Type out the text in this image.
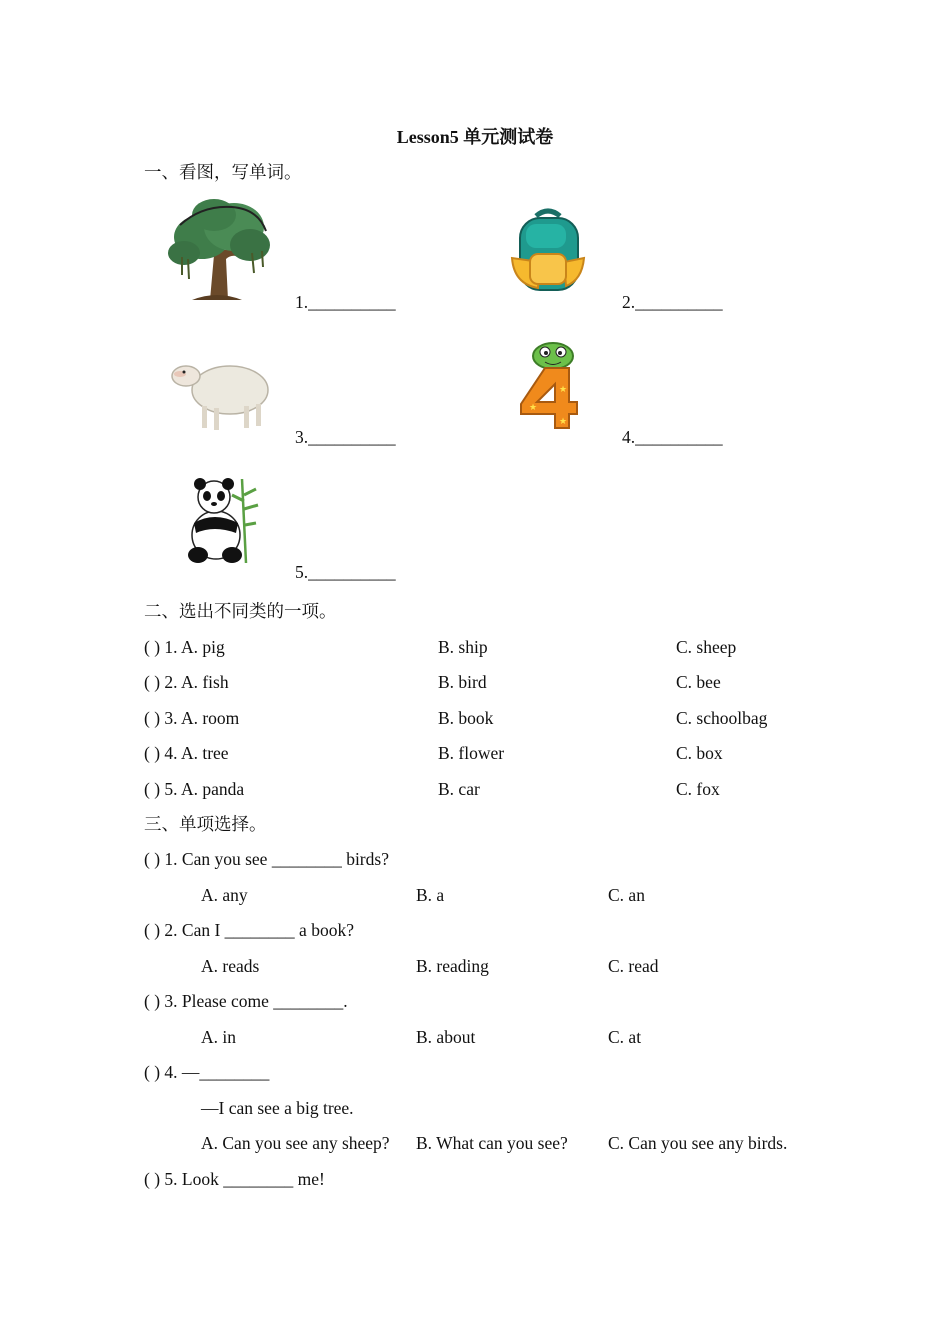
Lesson5 单元测试卷
一、看图，写单词。
1.__________	2.__________
3.__________
★
★
★
4.__________
5.__________
二、选出不同类的一项。
( ) 1. A. pig	B. ship	C. sheep
( ) 2. A. fish	B. bird	C. bee
( ) 3. A. room	B. book	C. schoolbag
( ) 4. A. tree	B. flower	C. box
( ) 5. A. panda	B. car	C. fox
三、单项选择。
( ) 1. Can you see ________ birds?
A. any	B. a	C. an
( ) 2. Can I ________ a book?
A. reads	B. reading	C. read
( ) 3. Please come ________.
A. in	B. about	C. at
( ) 4. —________
—I can see a big tree.
A. Can you see any sheep? B. What can you see? C. Can you see any birds.
( ) 5. Look ________ me!
